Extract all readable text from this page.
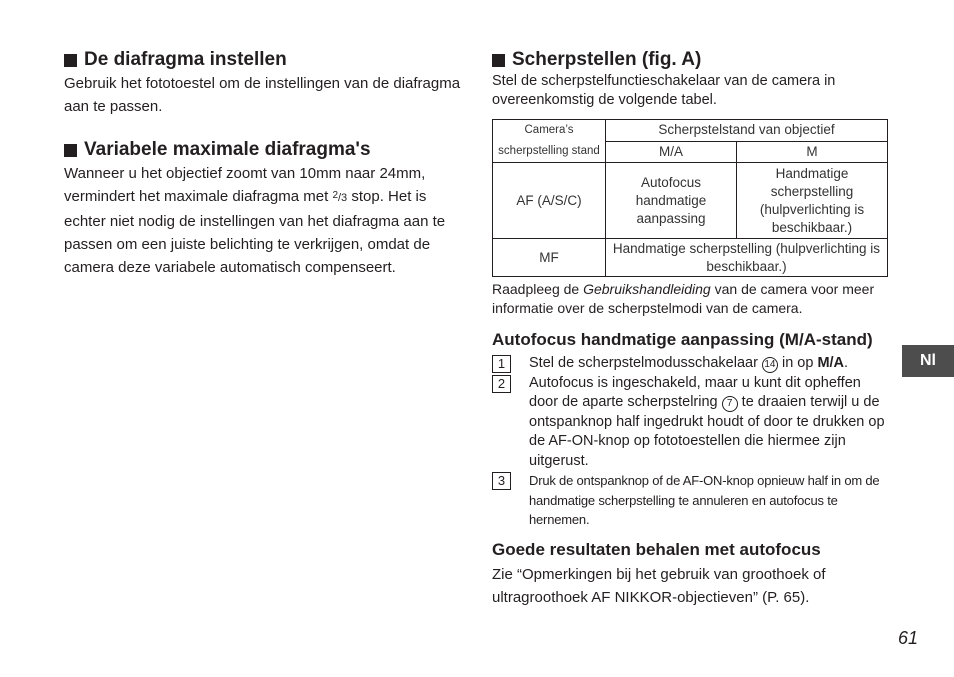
De diafragma instellen

Gebruik het fototoestel om de instellingen van de diafragma aan te passen.

Variabele maximale diafragma's

Wanneer u het objectief zoomt van 10mm naar 24mm, vermindert het maximale diafragma met $^2$/3 stop. Het is echter niet nodig de instellingen van het diafragma aan te passen om een juiste belichting te verkrijgen, omdat de camera deze variabele automatisch compenseert.

Scherpstellen (fig. A)

Stel de scherpstelfunctieschakelaar van de camera in overeenkomstig de volgende tabel.

Camera’s
scherpstelling stand	Scherpstelstand van objectief	
	M/A	M
AF (A/S/C)	Autofocus handmatige aanpassing	Handmatige scherpstelling (hulpverlichting is beschikbaar.)
MF	Handmatige scherpstelling (hulpverlichting is beschikbaar.)	

Raadpleeg de Gebruikshandleiding van de camera voor meer informatie over de scherpstelmodi van de camera.

Autofocus handmatige aanpassing (M/A-stand)
1	Stel de scherpstelmodusschakelaar 14 in op M/A.
2	Autofocus is ingeschakeld, maar u kunt dit opheffen door de aparte scherpstelring 7 te draaien terwijl u de ontspanknop half ingedrukt houdt of door te drukken op de AF-ON-knop op fototoestellen die hiermee zijn uitgerust.
3	Druk de ontspanknop of de AF-ON-knop opnieuw half in om de handmatige scherpstelling te annuleren en autofocus te hernemen.
Goede resultaten behalen met autofocus

Zie “Opmerkingen bij het gebruik van groothoek of ultragroothoek AF NIKKOR-objectieven” (P. 65).

Nl
61
